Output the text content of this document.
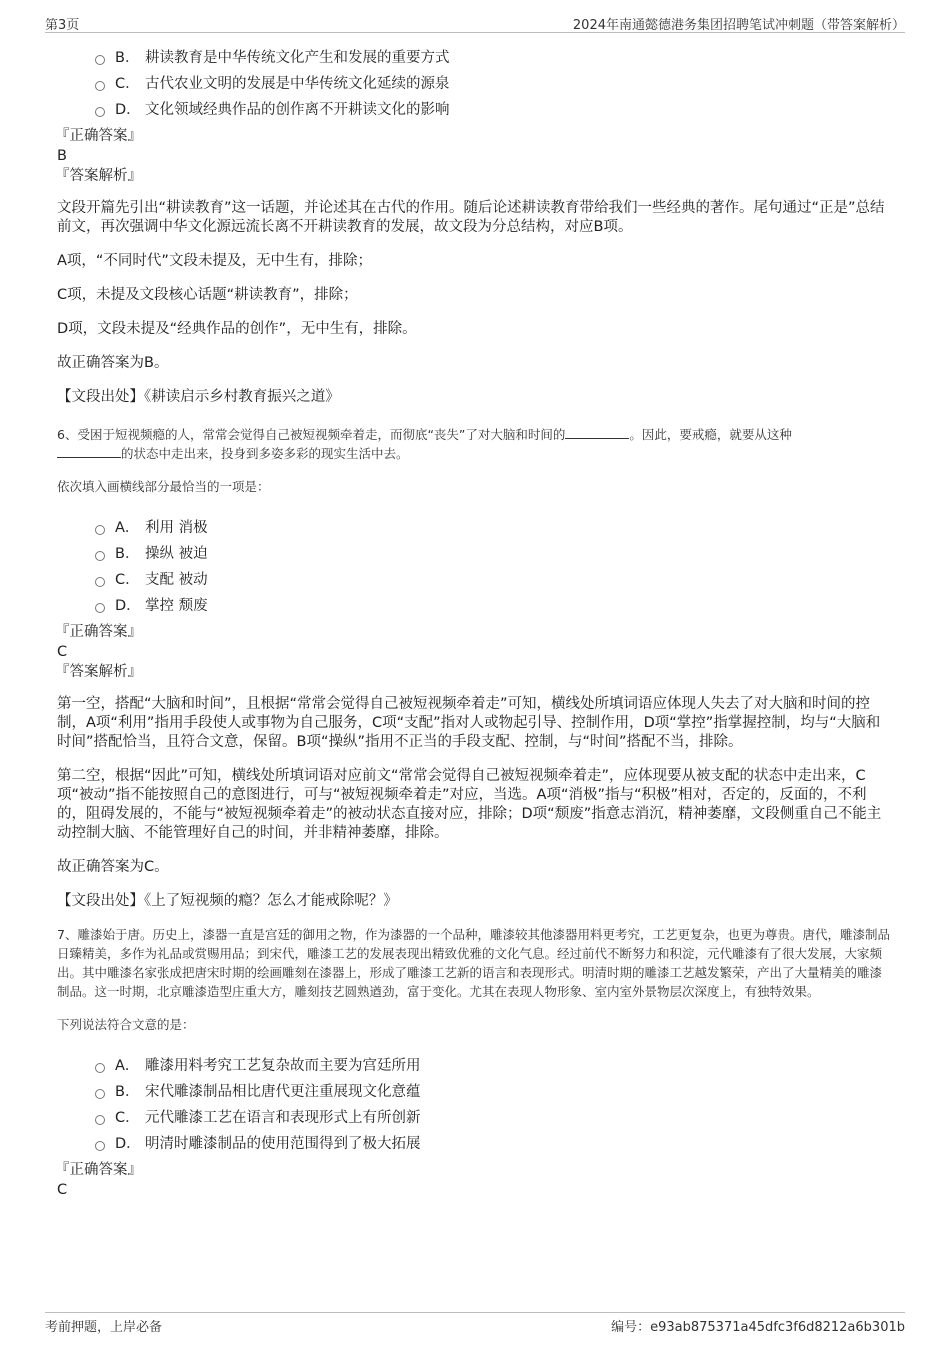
第3页	2024年南通懿德港务集团招聘笔试冲刺题（带答案解析）
B． 耕读教育是中华传统文化产生和发展的重要方式
C． 古代农业文明的发展是中华传统文化延续的源泉
D． 文化领域经典作品的创作离不开耕读文化的影响
『正确答案』
B
『答案解析』

文段开篇先引出“耕读教育”这一话题，并论述其在古代的作用。随后论述耕读教育带给我们一些经典的著作。尾句通过“正是”总结前文，再次强调中华文化源远流长离不开耕读教育的发展，故文段为分总结构，对应B项。

A项，“不同时代”文段未提及，无中生有，排除；

C项，未提及文段核心话题“耕读教育”，排除；

D项，文段未提及“经典作品的创作”，无中生有，排除。

故正确答案为B。

【文段出处】《耕读启示乡村教育振兴之道》

6、受困于短视频瘾的人，常常会觉得自己被短视频牵着走，而彻底“丧失”了对大脑和时间的	。因此，要戒瘾，就要从这种
的状态中走出来，投身到多姿多彩的现实生活中去。

依次填入画横线部分最恰当的一项是：

A． 利用 消极
B． 操纵 被迫
C． 支配 被动
D． 掌控 颓废
『正确答案』
C
『答案解析』

第一空，搭配“大脑和时间”，且根据“常常会觉得自己被短视频牵着走”可知，横线处所填词语应体现人失去了对大脑和时间的控制，A项“利用”指用手段使人或事物为自己服务，C项“支配”指对人或物起引导、控制作用，D项“掌控”指掌握控制，均与“大脑和时间”搭配恰当，且符合文意，保留。B项“操纵”指用不正当的手段支配、控制，与“时间”搭配不当，排除。

第二空，根据“因此”可知，横线处所填词语对应前文“常常会觉得自己被短视频牵着走”，应体现要从被支配的状态中走出来，C项“被动”指不能按照自己的意图进行，可与“被短视频牵着走”对应，当选。A项“消极”指与“积极”相对，否定的，反面的，不利的，阻碍发展的，不能与“被短视频牵着走”的被动状态直接对应，排除；D项“颓废”指意志消沉，精神萎靡，文段侧重自己不能主动控制大脑、不能管理好自己的时间，并非精神萎靡，排除。

故正确答案为C。

【文段出处】《上了短视频的瘾？怎么才能戒除呢？》

7、雕漆始于唐。历史上，漆器一直是宫廷的御用之物，作为漆器的一个品种，雕漆较其他漆器用料更考究，工艺更复杂，也更为尊贵。唐代，雕漆制品日臻精美，多作为礼品或赏赐用品；到宋代，雕漆工艺的发展表现出精致优雅的文化气息。经过前代不断努力和积淀，元代雕漆有了很大发展，大家频出。其中雕漆名家张成把唐宋时期的绘画雕刻在漆器上，形成了雕漆工艺新的语言和表现形式。明清时期的雕漆工艺越发繁荣，产出了大量精美的雕漆制品。这一时期，北京雕漆造型庄重大方，雕刻技艺圆熟遒劲，富于变化。尤其在表现人物形象、室内室外景物层次深度上，有独特效果。

下列说法符合文意的是：

A． 雕漆用料考究工艺复杂故而主要为宫廷所用
B． 宋代雕漆制品相比唐代更注重展现文化意蕴
C． 元代雕漆工艺在语言和表现形式上有所创新
D． 明清时雕漆制品的使用范围得到了极大拓展
『正确答案』
C
考前押题，上岸必备	编号：e93ab875371a45dfc3f6d8212a6b301b
